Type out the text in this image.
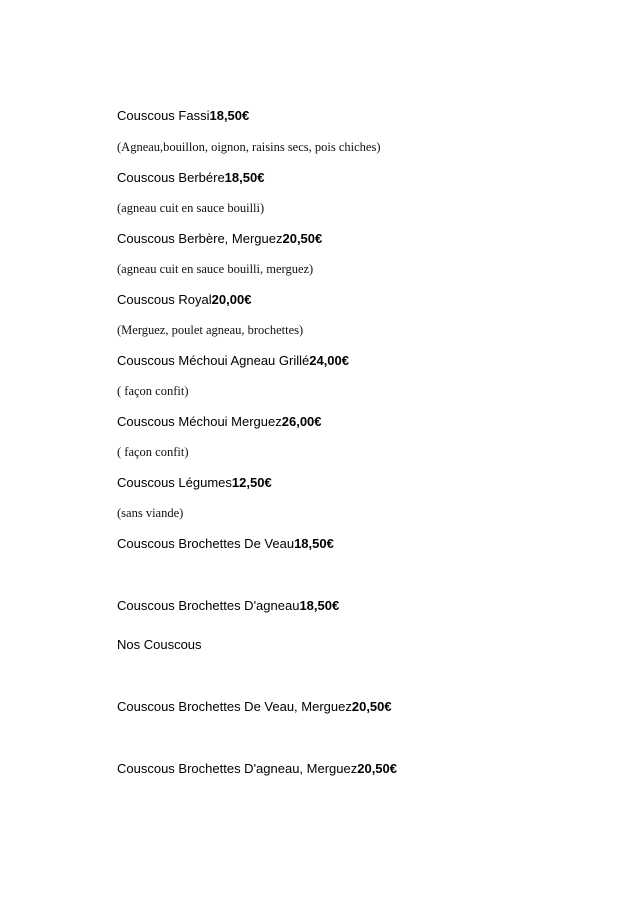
Couscous Fassi18,50€
(Agneau,bouillon, oignon, raisins secs, pois chiches)
Couscous Berbére18,50€
(agneau cuit en sauce bouilli)
Couscous Berbère, Merguez20,50€
(agneau cuit en sauce bouilli, merguez)
Couscous Royal20,00€
(Merguez, poulet agneau, brochettes)
Couscous Méchoui Agneau Grillé24,00€
( façon confit)
Couscous Méchoui Merguez26,00€
( façon confit)
Couscous Légumes12,50€
(sans viande)
Couscous Brochettes De Veau18,50€
Couscous Brochettes D'agneau18,50€
Nos Couscous
Couscous Brochettes De Veau, Merguez20,50€
Couscous Brochettes D'agneau, Merguez20,50€
